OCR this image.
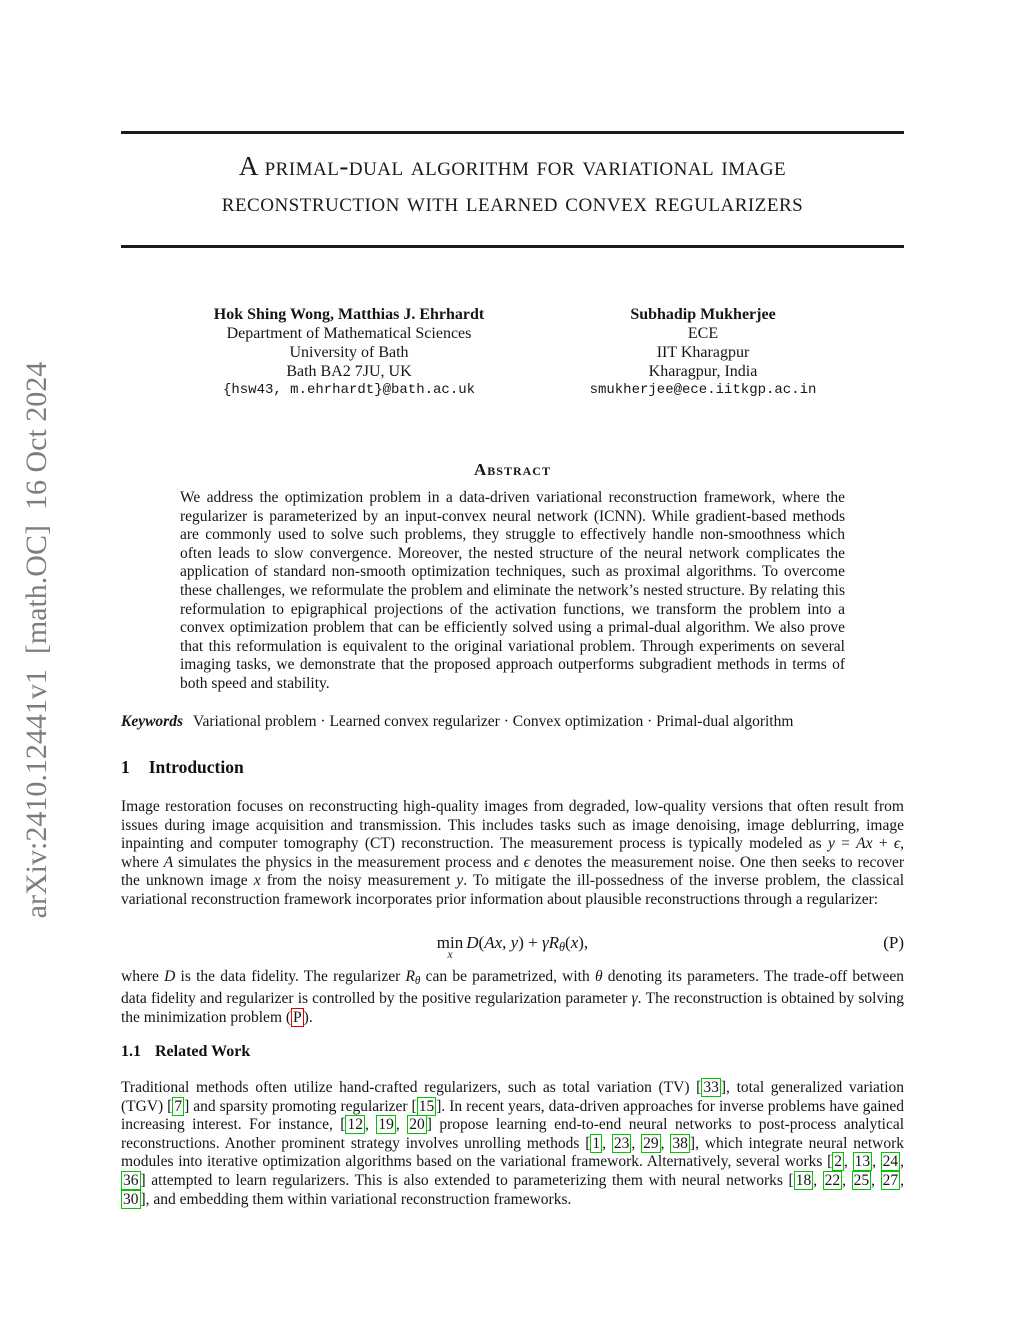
arXiv:2410.12441v1  [math.OC]  16 Oct 2024
A primal-dual algorithm for variational image
reconstruction with learned convex regularizers
Hok Shing Wong, Matthias J. Ehrhardt
Department of Mathematical Sciences
University of Bath
Bath BA2 7JU, UK
{hsw43, m.ehrhardt}@bath.ac.uk
Subhadip Mukherjee
ECE
IIT Kharagpur
Kharagpur, India
smukherjee@ece.iitkgp.ac.in
Abstract
We address the optimization problem in a data-driven variational reconstruction framework, where the regularizer is parameterized by an input-convex neural network (ICNN). While gradient-based methods are commonly used to solve such problems, they struggle to effectively handle non-smoothness which often leads to slow convergence. Moreover, the nested structure of the neural network complicates the application of standard non-smooth optimization techniques, such as proximal algorithms. To overcome these challenges, we reformulate the problem and eliminate the network’s nested structure. By relating this reformulation to epigraphical projections of the activation functions, we transform the problem into a convex optimization problem that can be efficiently solved using a primal-dual algorithm. We also prove that this reformulation is equivalent to the original variational problem. Through experiments on several imaging tasks, we demonstrate that the proposed approach outperforms subgradient methods in terms of both speed and stability.
Keywords Variational problem · Learned convex regularizer · Convex optimization · Primal-dual algorithm
1 Introduction
Image restoration focuses on reconstructing high-quality images from degraded, low-quality versions that often result from issues during image acquisition and transmission. This includes tasks such as image denoising, image deblurring, image inpainting and computer tomography (CT) reconstruction. The measurement process is typically modeled as y = Ax + ϵ, where A simulates the physics in the measurement process and ϵ denotes the measurement noise. One then seeks to recover the unknown image x from the noisy measurement y. To mitigate the ill-possedness of the inverse problem, the classical variational reconstruction framework incorporates prior information about plausible reconstructions through a regularizer:
min
x
D(Ax, y) + γRθ(x),	(P)
where D is the data fidelity. The regularizer Rθ can be parametrized, with θ denoting its parameters. The trade-off between data fidelity and regularizer is controlled by the positive regularization parameter γ. The reconstruction is obtained by solving the minimization problem ( P ).
1.1 Related Work
Traditional methods often utilize hand-crafted regularizers, such as total variation (TV) [ 33 ], total generalized variation (TGV) [ 7 ] and sparsity promoting regularizer [ 15 ]. In recent years, data-driven approaches for inverse problems have gained increasing interest. For instance, [ 12 , 19 , 20 ] propose learning end-to-end neural networks to post-process analytical reconstructions. Another prominent strategy involves unrolling methods [ 1 , 23 , 29 , 38 ], which integrate neural network modules into iterative optimization algorithms based on the variational framework. Alternatively, several works [ 2 , 13 , 24 , 36 ] attempted to learn regularizers. This is also extended to parameterizing them with neural networks [ 18 , 22 , 25 , 27 , 30 ], and embedding them within variational reconstruction frameworks.
